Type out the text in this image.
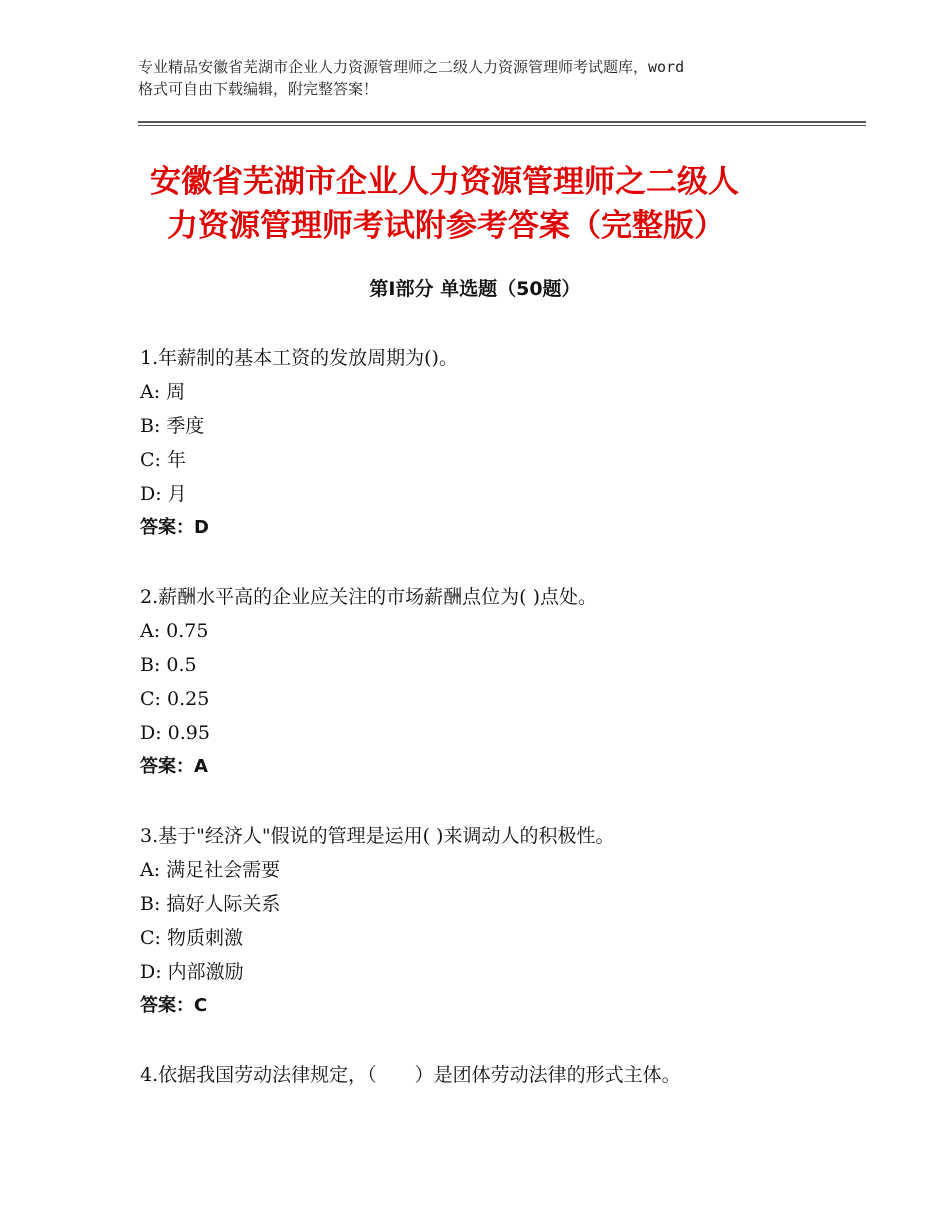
专业精品安徽省芜湖市企业人力资源管理师之二级人力资源管理师考试题库，word
格式可自由下载编辑，附完整答案！
安徽省芜湖市企业人力资源管理师之二级人
力资源管理师考试附参考答案（完整版）
第Ⅰ部分 单选题（50题）
1.年薪制的基本工资的发放周期为()。
A: 周
B: 季度
C: 年
D: 月
答案：D
2.薪酬水平高的企业应关注的市场薪酬点位为( )点处。
A: 0.75
B: 0.5
C: 0.25
D: 0.95
答案：A
3.基于"经济人"假说的管理是运用( )来调动人的积极性。
A: 满足社会需要
B: 搞好人际关系
C: 物质刺激
D: 内部激励
答案：C
4.依据我国劳动法律规定，（　　）是团体劳动法律的形式主体。
